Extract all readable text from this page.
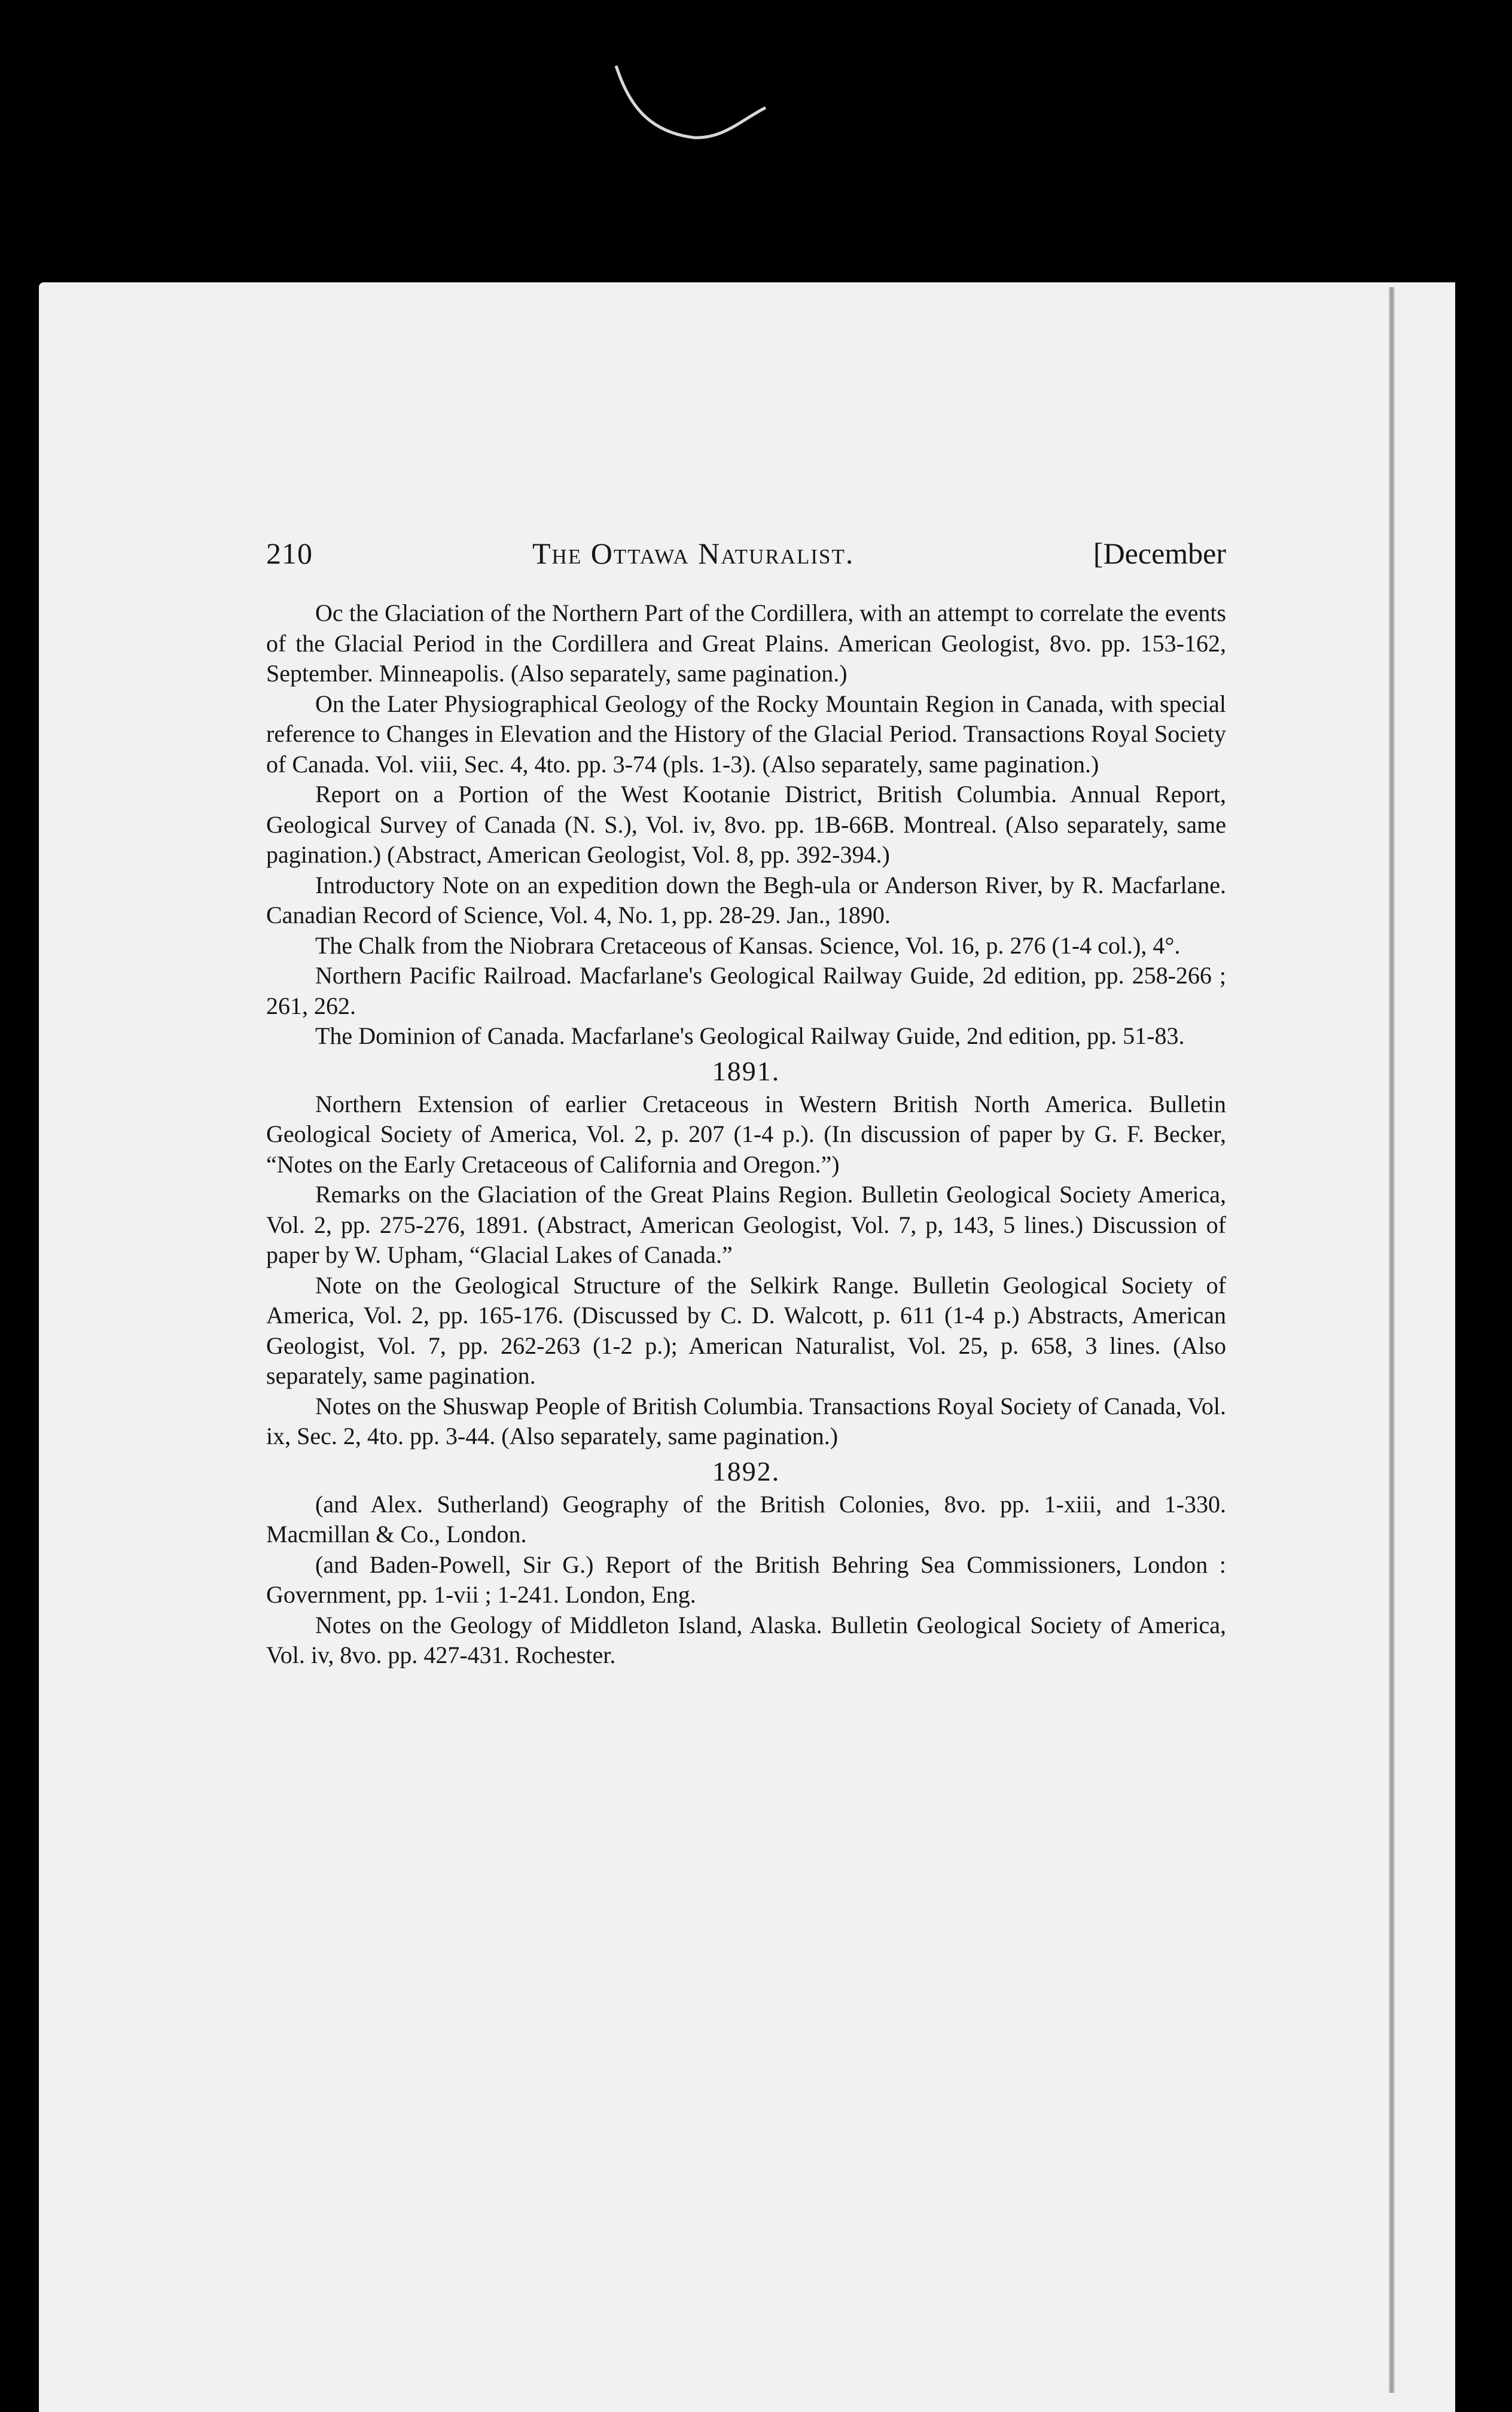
210	The Ottawa Naturalist.	[December

Oc the Glaciation of the Northern Part of the Cordillera, with an attempt to correlate the events of the Glacial Period in the Cordillera and Great Plains. American Geologist, 8vo. pp. 153-162, September. Minneapolis. (Also separately, same pagination.)

On the Later Physiographical Geology of the Rocky Mountain Region in Canada, with special reference to Changes in Elevation and the History of the Glacial Period. Transactions Royal Society of Canada. Vol. viii, Sec. 4, 4to. pp. 3-74 (pls. 1-3). (Also separately, same pagination.)

Report on a Portion of the West Kootanie District, British Columbia. Annual Report, Geological Survey of Canada (N. S.), Vol. iv, 8vo. pp. 1B-66B. Montreal. (Also separately, same pagination.) (Abstract, American Geologist, Vol. 8, pp. 392-394.)

Introductory Note on an expedition down the Begh-ula or Anderson River, by R. Macfarlane. Canadian Record of Science, Vol. 4, No. 1, pp. 28-29. Jan., 1890.

The Chalk from the Niobrara Cretaceous of Kansas. Science, Vol. 16, p. 276 (1-4 col.), 4°.

Northern Pacific Railroad. Macfarlane's Geological Railway Guide, 2d edition, pp. 258-266 ; 261, 262.

The Dominion of Canada. Macfarlane's Geological Railway Guide, 2nd edition, pp. 51-83.

1891.

Northern Extension of earlier Cretaceous in Western British North America. Bulletin Geological Society of America, Vol. 2, p. 207 (1-4 p.). (In discussion of paper by G. F. Becker, “Notes on the Early Cretaceous of California and Oregon.”)

Remarks on the Glaciation of the Great Plains Region. Bulletin Geological Society America, Vol. 2, pp. 275-276, 1891. (Abstract, American Geologist, Vol. 7, p, 143, 5 lines.) Discussion of paper by W. Upham, “Glacial Lakes of Canada.”

Note on the Geological Structure of the Selkirk Range. Bulletin Geological Society of America, Vol. 2, pp. 165-176. (Discussed by C. D. Walcott, p. 611 (1-4 p.) Abstracts, American Geologist, Vol. 7, pp. 262-263 (1-2 p.); American Naturalist, Vol. 25, p. 658, 3 lines. (Also separately, same pagination.

Notes on the Shuswap People of British Columbia. Transactions Royal Society of Canada, Vol. ix, Sec. 2, 4to. pp. 3-44. (Also separately, same pagination.)

1892.

(and Alex. Sutherland) Geography of the British Colonies, 8vo. pp. 1-xiii, and 1-330. Macmillan & Co., London.

(and Baden-Powell, Sir G.) Report of the British Behring Sea Commissioners, London : Government, pp. 1-vii ; 1-241. London, Eng.

Notes on the Geology of Middleton Island, Alaska. Bulletin Geological Society of America, Vol. iv, 8vo. pp. 427-431. Rochester.
